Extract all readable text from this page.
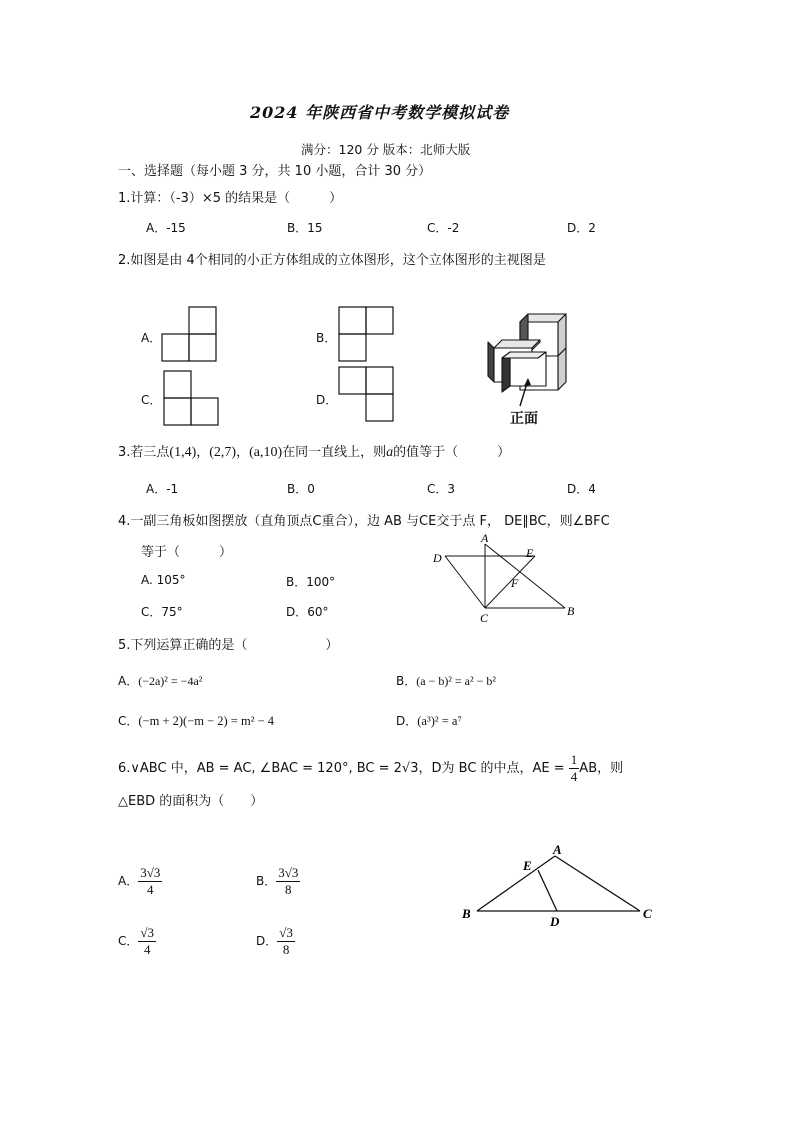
2024 年陕西省中考数学模拟试卷
满分：120 分 版本：北师大版
一、选择题（每小题 3 分，共 10 小题，合计 30 分）
1.计算：（-3）×5 的结果是（　　　）
A．-15	B．15	C．-2	D．2
2.如图是由 4个相同的小正方体组成的立体图形，这个立体图形的主视图是
A．	B．
C．	D．
正面
3.若三点(1,4)，(2,7)，(a,10)在同一直线上，则a的值等于（　　　）
A．-1	B．0	C．3	D．4
4.一副三角板如图摆放（直角顶点C重合），边 AB 与CE交于点 F， DE∥BC，则∠BFC
等于（　　　）
A. 105°	B．100°
C．75°	D．60°
A
E
D
F
C	B
5.下列运算正确的是（　　　　　　）
A．(−2a)² = −4a²	B．(a − b)² = a² − b²
C．(−m + 2)(−m − 2) = m² − 4	D．(a³)² = a⁷
6.∨ABC 中，AB = AC, ∠BAC = 120°, BC = 2√3，D为 BC 的中点，AE = $\frac{1}{4}$ AB，则
△EBD 的面积为（　　）
A． $\frac{3√3}{4}$	B． $\frac{3√3}{8}$
C． $\frac{√3}{4}$	D． $\frac{√3}{8}$
A
E
B
D
C
